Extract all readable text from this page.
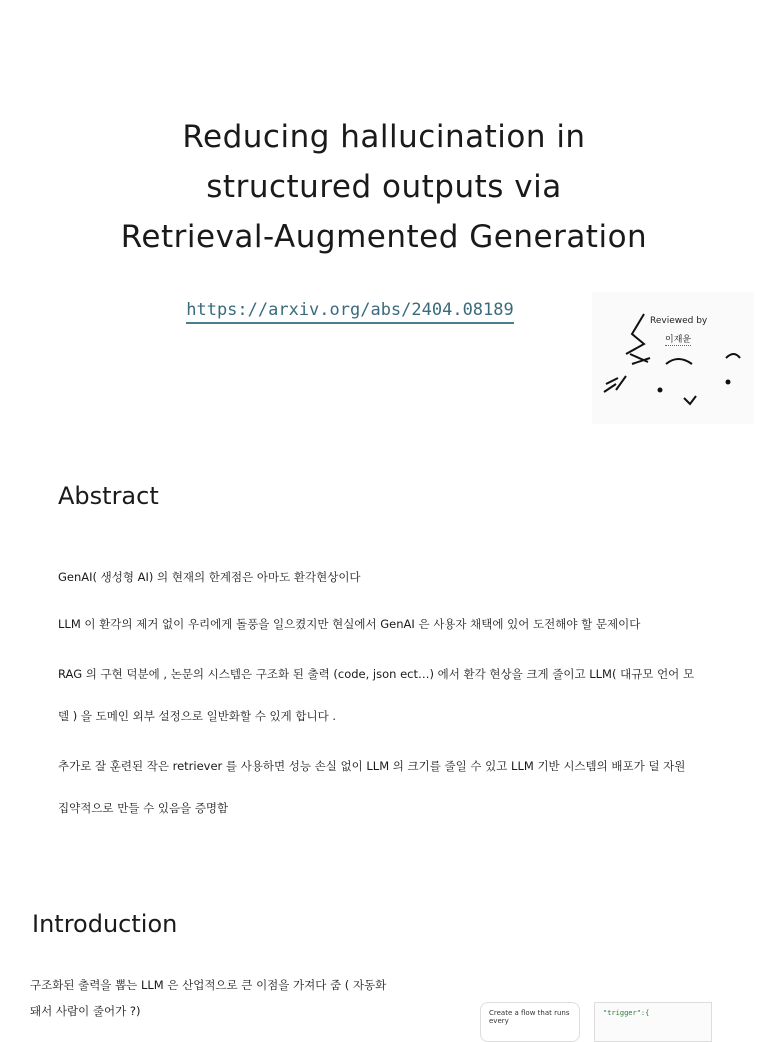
Reducing hallucination in
structured outputs via
Retrieval-Augmented Generation
https://arxiv.org/abs/2404.08189
Reviewed by
이재윤
Abstract

GenAI( 생성형 AI) 의 현재의 한계점은 아마도 환각현상이다

LLM 이 환각의 제거 없이 우리에게 돌풍을 일으켰지만 현실에서 GenAI 은 사용자 채택에 있어 도전해야 할 문제이다

RAG 의 구현 덕분에 , 논문의 시스템은 구조화 된 출력 (code, json ect…) 에서 환각 현상을 크게 줄이고 LLM( 대규모 언어 모
델 ) 을 도메인 외부 설정으로 일반화할 수 있게 합니다 .
추가로 잘 훈련된 작은 retriever 를 사용하면 성능 손실 없이 LLM 의 크기를 줄일 수 있고 LLM 기반 시스템의 배포가 덜 자원
집약적으로 만들 수 있음을 증명함
Introduction
구조화된 출력을 뽑는 LLM 은 산업적으로 큰 이점을 가져다 줌 ( 자동화
돼서 사람이 줄어가 ?)	Create a flow that runs every
"trigger":{
